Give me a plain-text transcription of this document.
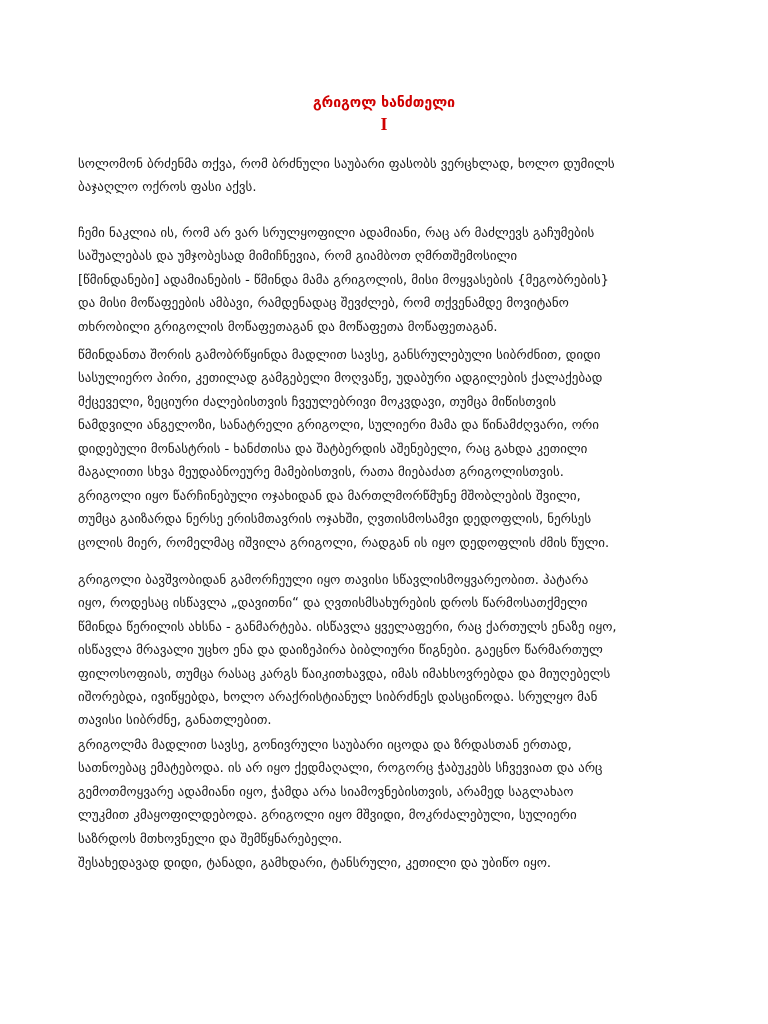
გრიგოლ ხანძთელი
I

სოლომონ ბრძენმა თქვა, რომ ბრძნული საუბარი ფასობს ვერცხლად, ხოლო დუმილს
ბაჯაღლო ოქროს ფასი აქვს.

ჩემი ნაკლია ის, რომ არ ვარ სრულყოფილი ადამიანი, რაც არ მაძლევს გაჩუმების
საშუალებას და უმჯობესად მიმიჩნევია, რომ გიამბოთ ღმრთშემოსილი
[წმინდანები] ადამიანების - წმინდა მამა გრიგოლის, მისი მოყვასების {მეგობრების}
და მისი მოწაფეების ამბავი, რამდენადაც შევძლებ, რომ თქვენამდე მოვიტანო
თხრობილი გრიგოლის მოწაფეთაგან და მოწაფეთა მოწაფეთაგან.

წმინდანთა შორის გამობრწყინდა მადლით სავსე, განსრულებული სიბრძნით, დიდი
სასულიერო პირი, კეთილად გამგებელი მოღვაწე, უდაბური ადგილების ქალაქებად
მქცეველი, ზეციური ძალებისთვის ჩვეულებრივი მოკვდავი, თუმცა მიწისთვის
ნამდვილი ანგელოზი, სანატრელი გრიგოლი, სულიერი მამა და წინამძღვარი, ორი
დიდებული მონასტრის - ხანძთისა და შატბერდის აშენებელი, რაც გახდა კეთილი
მაგალითი სხვა მეუდაბნოეურე მამებისთვის, რათა მიებაძათ გრიგოლისთვის.

გრიგოლი იყო წარჩინებული ოჯახიდან და მართლმორწმუნე მშობლების შვილი,
თუმცა გაიზარდა ნერსე ერისმთავრის ოჯახში, ღვთისმოსამვი დედოფლის, ნერსეს
ცოლის მიერ, რომელმაც იშვილა გრიგოლი, რადგან ის იყო დედოფლის ძმის წული.

გრიგოლი ბავშვობიდან გამორჩეული იყო თავისი სწავლისმოყვარეობით. პატარა
იყო, როდესაც ისწავლა „დავითნი“ და ღვთისმსახურების დროს წარმოსათქმელი
წმინდა წერილის ახსნა - განმარტება. ისწავლა ყველაფერი, რაც ქართულს ენაზე იყო,
ისწავლა მრავალი უცხო ენა და დაიზეპირა ბიბლიური წიგნები. გაეცნო წარმართულ
ფილოსოფიას, თუმცა რასაც კარგს წაიკითხავდა, იმას იმახსოვრებდა და მიუღებელს
იშორებდა, ივიწყებდა, ხოლო არაქრისტიანულ სიბრძნეს დასცინოდა. სრულყო მან
თავისი სიბრძნე, განათლებით.

გრიგოლმა მადლით სავსე, გონივრული საუბარი იცოდა და ზრდასთან ერთად,
სათნოებაც ემატებოდა. ის არ იყო ქედმაღალი, როგორც ჭაბუკებს სჩვევიათ და არც
გემოთმოყვარე ადამიანი იყო, ჭამდა არა სიამოვნებისთვის, არამედ საგლახაო
ლუკმით კმაყოფილდებოდა. გრიგოლი იყო მშვიდი, მოკრძალებული, სულიერი
საზრდოს მთხოვნელი და შემწყნარებელი.

შესახედავად დიდი, ტანადი, გამხდარი, ტანსრული, კეთილი და უბიწო იყო.
